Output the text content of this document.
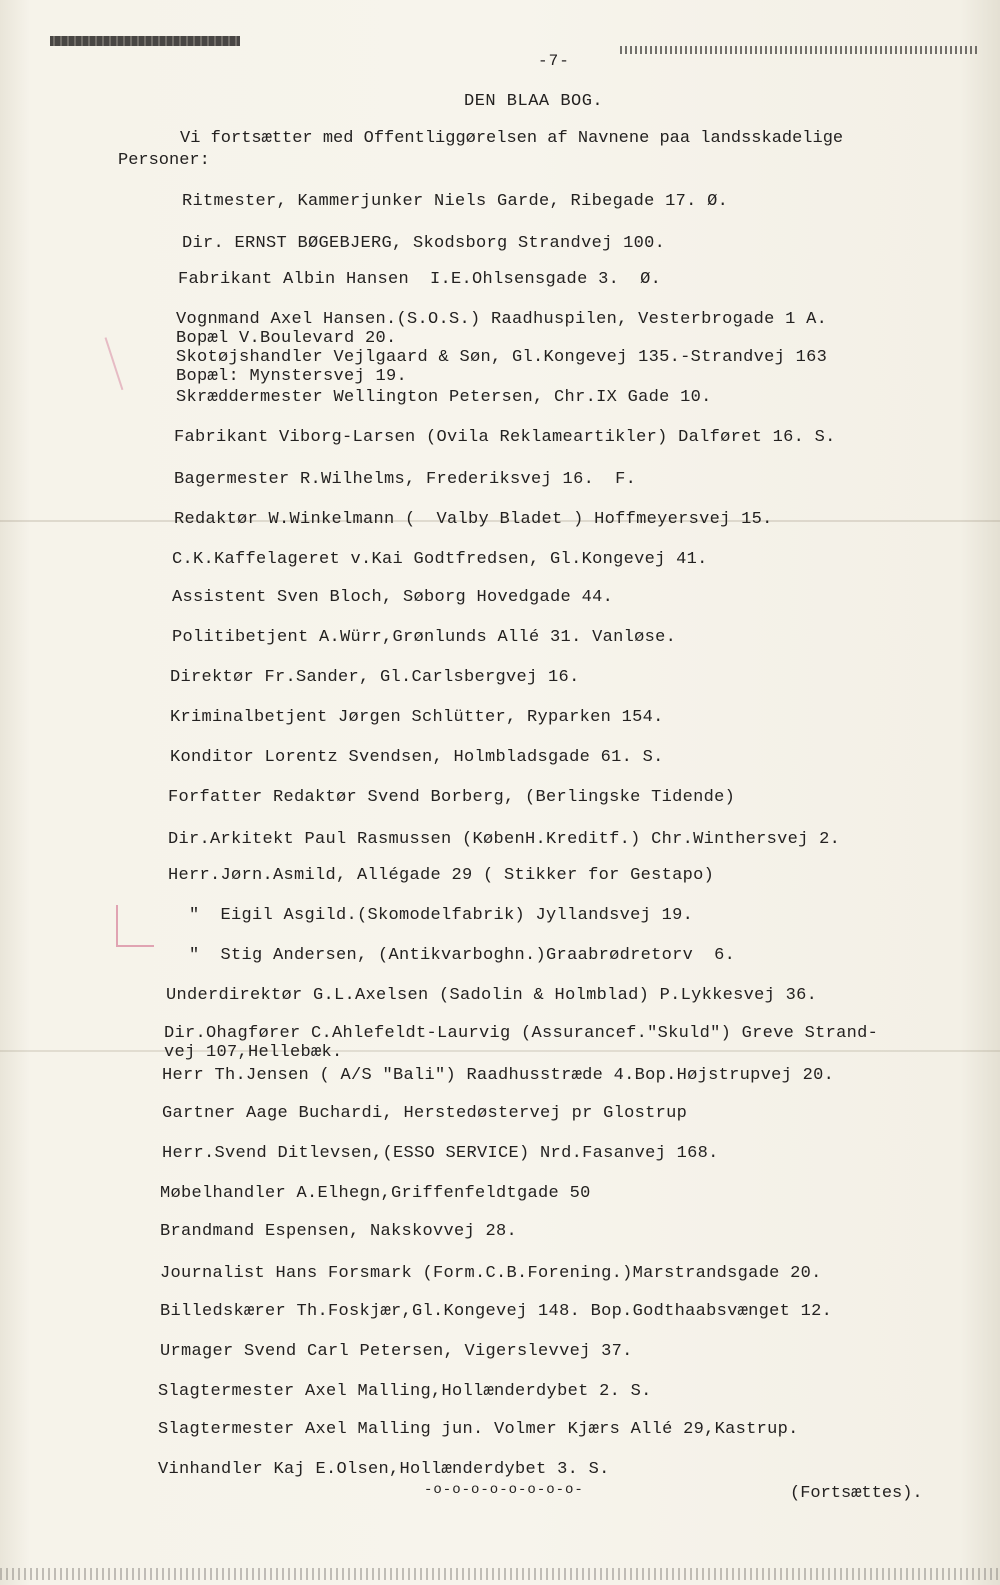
-7-
DEN BLAA BOG.
Vi fortsætter med Offentliggørelsen af Navnene paa landsskadelige
Personer:
Ritmester, Kammerjunker Niels Garde, Ribegade 17. Ø.
Dir. ERNST BØGEBJERG, Skodsborg Strandvej 100.
Fabrikant Albin Hansen  I.E.Ohlsensgade 3.  Ø.
Vognmand Axel Hansen.(S.O.S.) Raadhuspilen, Vesterbrogade 1 A.
Bopæl V.Boulevard 20.
Skotøjshandler Vejlgaard & Søn, Gl.Kongevej 135.-Strandvej 163
Bopæl: Mynstersvej 19.
Skræddermester Wellington Petersen, Chr.IX Gade 10.
Fabrikant Viborg-Larsen (Ovila Reklameartikler) Dalføret 16. S.
Bagermester R.Wilhelms, Frederiksvej 16.  F.
Redaktør W.Winkelmann (  Valby Bladet ) Hoffmeyersvej 15.
C.K.Kaffelageret v.Kai Godtfredsen, Gl.Kongevej 41.
Assistent Sven Bloch, Søborg Hovedgade 44.
Politibetjent A.Würr,Grønlunds Allé 31. Vanløse.
Direktør Fr.Sander, Gl.Carlsbergvej 16.
Kriminalbetjent Jørgen Schlütter, Ryparken 154.
Konditor Lorentz Svendsen, Holmbladsgade 61. S.
Forfatter Redaktør Svend Borberg, (Berlingske Tidende)
Dir.Arkitekt Paul Rasmussen (KøbenH.Kreditf.) Chr.Winthersvej 2.
Herr.Jørn.Asmild, Allégade 29 ( Stikker for Gestapo)
"  Eigil Asgild.(Skomodelfabrik) Jyllandsvej 19.
"  Stig Andersen, (Antikvarboghn.)Graabrødretorv  6.
Underdirektør G.L.Axelsen (Sadolin & Holmblad) P.Lykkesvej 36.
Dir.Ohagfører C.Ahlefeldt-Laurvig (Assurancef."Skuld") Greve Strand-
vej 107,Hellebæk.
Herr Th.Jensen ( A/S "Bali") Raadhusstræde 4.Bop.Højstrupvej 20.
Gartner Aage Buchardi, Herstedøstervej pr Glostrup
Herr.Svend Ditlevsen,(ESSO SERVICE) Nrd.Fasanvej 168.
Møbelhandler A.Elhegn,Griffenfeldtgade 50
Brandmand Espensen, Nakskovvej 28.
Journalist Hans Forsmark (Form.C.B.Forening.)Marstrandsgade 20.
Billedskærer Th.Foskjær,Gl.Kongevej 148. Bop.Godthaabsvænget 12.
Urmager Svend Carl Petersen, Vigerslevvej 37.
Slagtermester Axel Malling,Hollænderdybet 2. S.
Slagtermester Axel Malling jun. Volmer Kjærs Allé 29,Kastrup.
Vinhandler Kaj E.Olsen,Hollænderdybet 3. S.
-o-o-o-o-o-o-o-o-	(Fortsættes).
